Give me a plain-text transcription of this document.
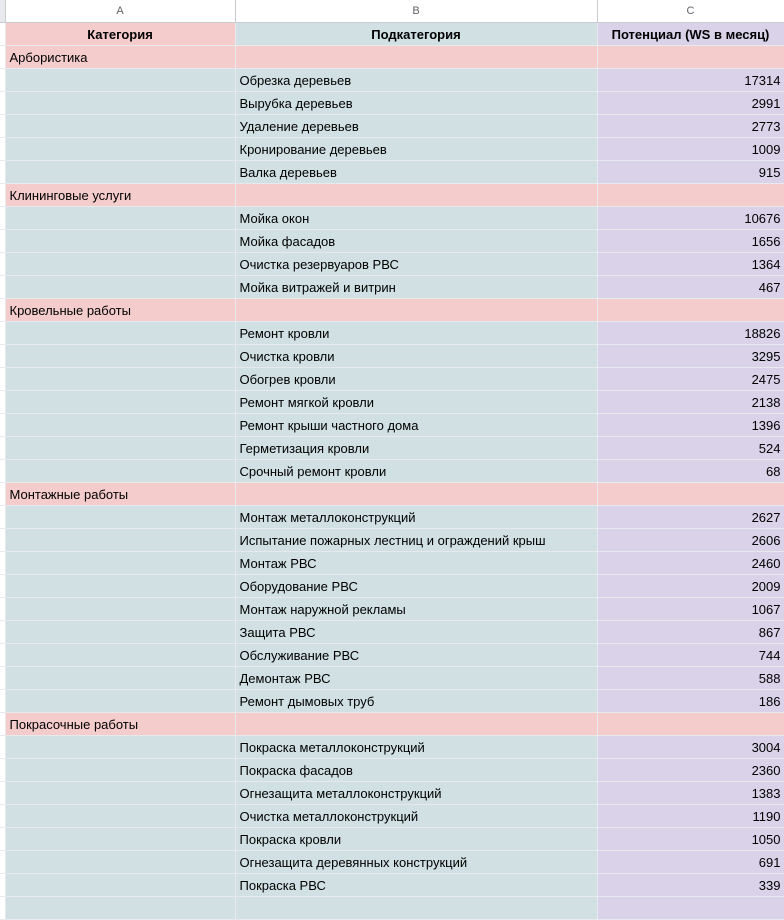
	A	B	C
	Категория	Подкатегория	Потенциал (WS в месяц)
	Арбористика		
		Обрезка деревьев	17314
		Вырубка деревьев	2991
		Удаление деревьев	2773
		Кронирование деревьев	1009
		Валка деревьев	915
	Клининговые услуги		
		Мойка окон	10676
		Мойка фасадов	1656
		Очистка резервуаров РВС	1364
		Мойка витражей и витрин	467
	Кровельные работы		
		Ремонт кровли	18826
		Очистка кровли	3295
		Обогрев кровли	2475
		Ремонт мягкой кровли	2138
		Ремонт крыши частного дома	1396
		Герметизация кровли	524
		Срочный ремонт кровли	68
	Монтажные работы		
		Монтаж металлоконструкций	2627
		Испытание пожарных лестниц и ограждений крыш	2606
		Монтаж РВС	2460
		Оборудование РВС	2009
		Монтаж наружной рекламы	1067
		Защита РВС	867
		Обслуживание РВС	744
		Демонтаж РВС	588
		Ремонт дымовых труб	186
	Покрасочные работы		
		Покраска металлоконструкций	3004
		Покраска фасадов	2360
		Огнезащита металлоконструкций	1383
		Очистка металлоконструкций	1190
		Покраска кровли	1050
		Огнезащита деревянных конструкций	691
		Покраска РВС	339
